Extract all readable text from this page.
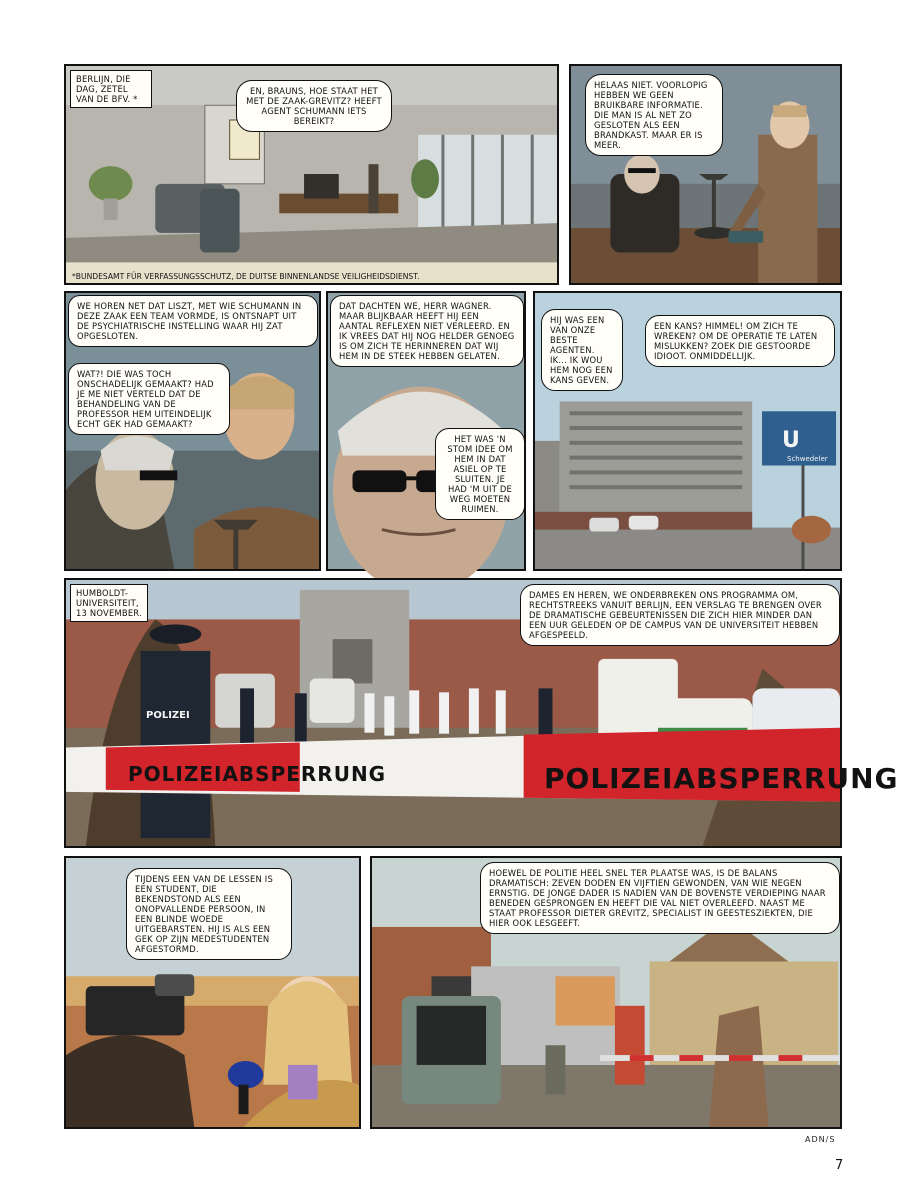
BERLIJN, DIE DAG, ZETEL VAN DE BFV. *
EN, BRAUNS, HOE STAAT HET MET DE ZAAK-GREVITZ? HEEFT AGENT SCHUMANN IETS BEREIKT?
*BUNDESAMT FÜR VERFASSUNGSSCHUTZ, DE DUITSE BINNENLANDSE VEILIGHEIDSDIENST.
HELAAS NIET. VOORLOPIG HEBBEN WE GEEN BRUIKBARE INFORMATIE. DIE MAN IS AL NET ZO GESLOTEN ALS EEN BRANDKAST. MAAR ER IS MEER.
WE HOREN NET DAT LISZT, MET WIE SCHUMANN IN DEZE ZAAK EEN TEAM VORMDE, IS ONTSNAPT UIT DE PSYCHIATRISCHE INSTELLING WAAR HIJ ZAT OPGESLOTEN.
WAT?! DIE WAS TOCH ONSCHADELIJK GEMAAKT? HAD JE ME NIET VERTELD DAT DE BEHANDELING VAN DE PROFESSOR HEM UITEINDELIJK ECHT GEK HAD GEMAAKT?
DAT DACHTEN WE, HERR WAGNER. MAAR BLIJKBAAR HEEFT HIJ EEN AANTAL REFLEXEN NIET VERLEERD. EN IK VREES DAT HIJ NOG HELDER GENOEG IS OM ZICH TE HERINNEREN DAT WIJ HEM IN DE STEEK HEBBEN GELATEN.
HET WAS 'N STOM IDEE OM HEM IN DAT ASIEL OP TE SLUITEN. JE HAD 'M UIT DE WEG MOETEN RUIMEN.
U
Schwedeler
HIJ WAS EEN VAN ONZE BESTE AGENTEN. IK... IK WOU HEM NOG EEN KANS GEVEN.
EEN KANS? HIMMEL! OM ZICH TE WREKEN? OM DE OPERATIE TE LATEN MISLUKKEN? ZOEK DIE GESTOORDE IDIOOT. ONMIDDELLIJK.
POLIZEIABSPERRUNG	POLIZEIABSPERRUNG
POLIZEI
HUMBOLDT-UNIVERSITEIT, 13 NOVEMBER.
DAMES EN HEREN, WE ONDERBREKEN ONS PROGRAMMA OM, RECHTSTREEKS VANUIT BERLIJN, EEN VERSLAG TE BRENGEN OVER DE DRAMATISCHE GEBEURTENISSEN DIE ZICH HIER MINDER DAN EEN UUR GELEDEN OP DE CAMPUS VAN DE UNIVERSITEIT HEBBEN AFGESPEELD.
TIJDENS EEN VAN DE LESSEN IS EEN STUDENT, DIE BEKENDSTOND ALS EEN ONOPVALLENDE PERSOON, IN EEN BLINDE WOEDE UITGEBARSTEN. HIJ IS ALS EEN GEK OP ZIJN MEDESTUDENTEN AFGESTORMD.
HOEWEL DE POLITIE HEEL SNEL TER PLAATSE WAS, IS DE BALANS DRAMATISCH: ZEVEN DODEN EN VIJFTIEN GEWONDEN, VAN WIE NEGEN ERNSTIG. DE JONGE DADER IS NADIEN VAN DE BOVENSTE VERDIEPING NAAR BENEDEN GESPRONGEN EN HEEFT DIE VAL NIET OVERLEEFD. NAAST ME STAAT PROFESSOR DIETER GREVITZ, SPECIALIST IN GEESTESZIEKTEN, DIE HIER OOK LESGEEFT.
ADN/S
7
